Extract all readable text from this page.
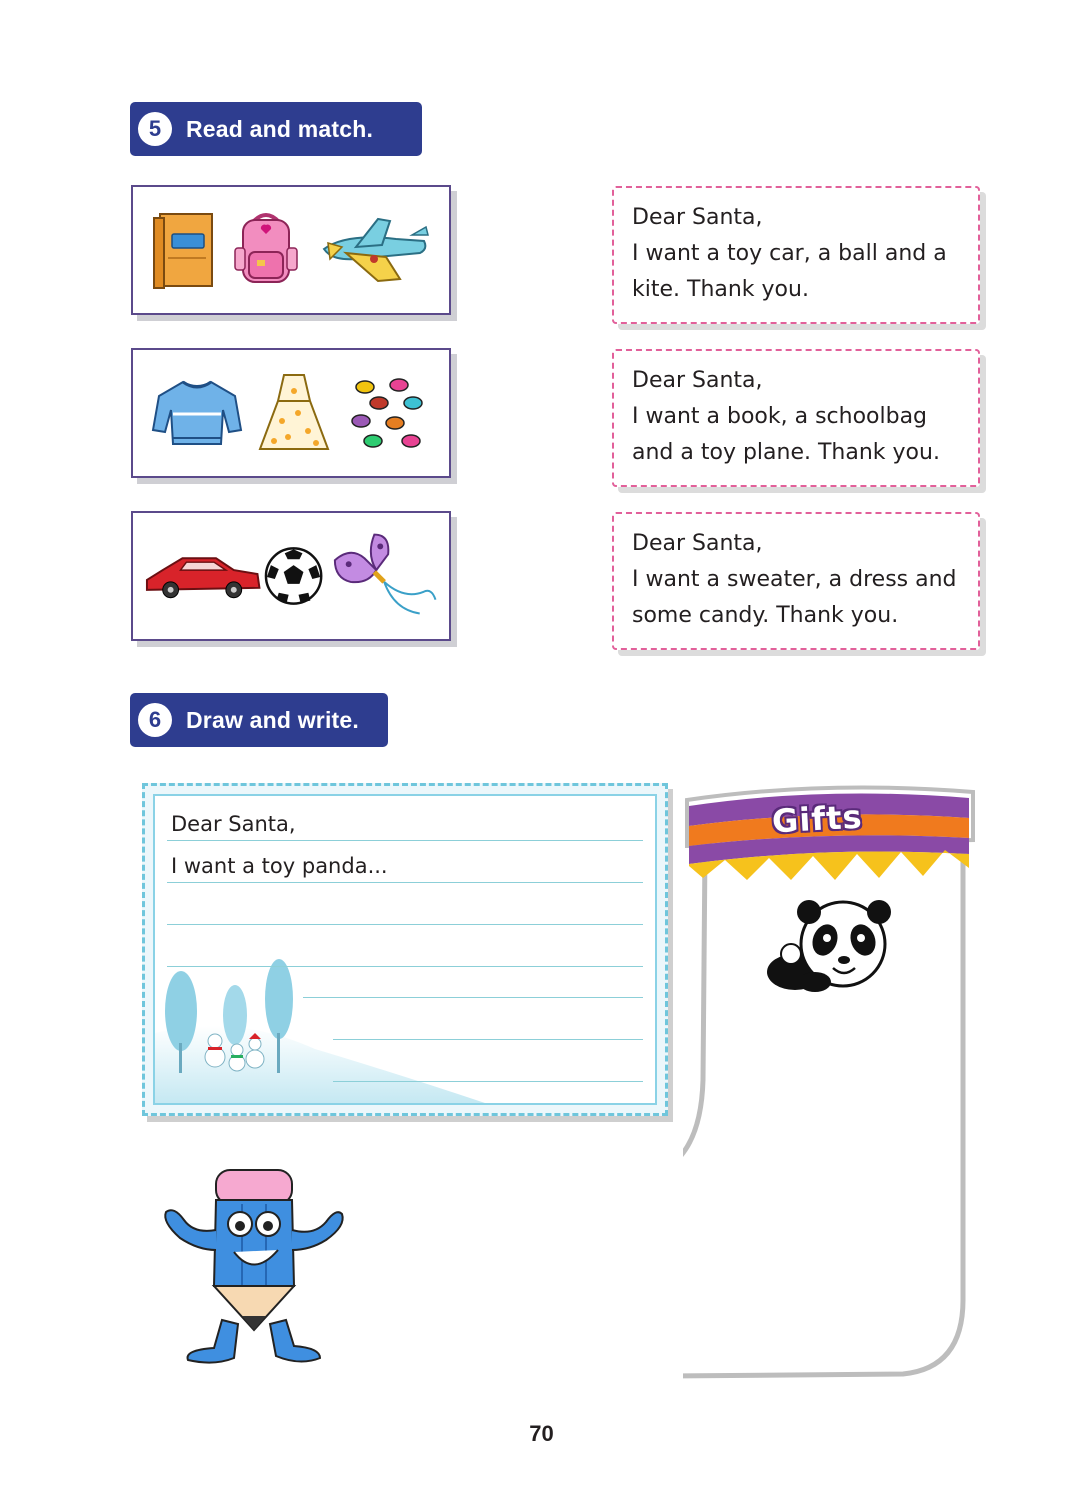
5	Read and match.
Dear Santa,
I want a toy car, a ball and a
kite. Thank you.
Dear Santa,
I want a book, a schoolbag
and a toy plane. Thank you.
Dear Santa,
I want a sweater, a dress and
some candy. Thank you.
6	Draw and write.
Dear Santa,
I want a toy panda...
Gifts
70
